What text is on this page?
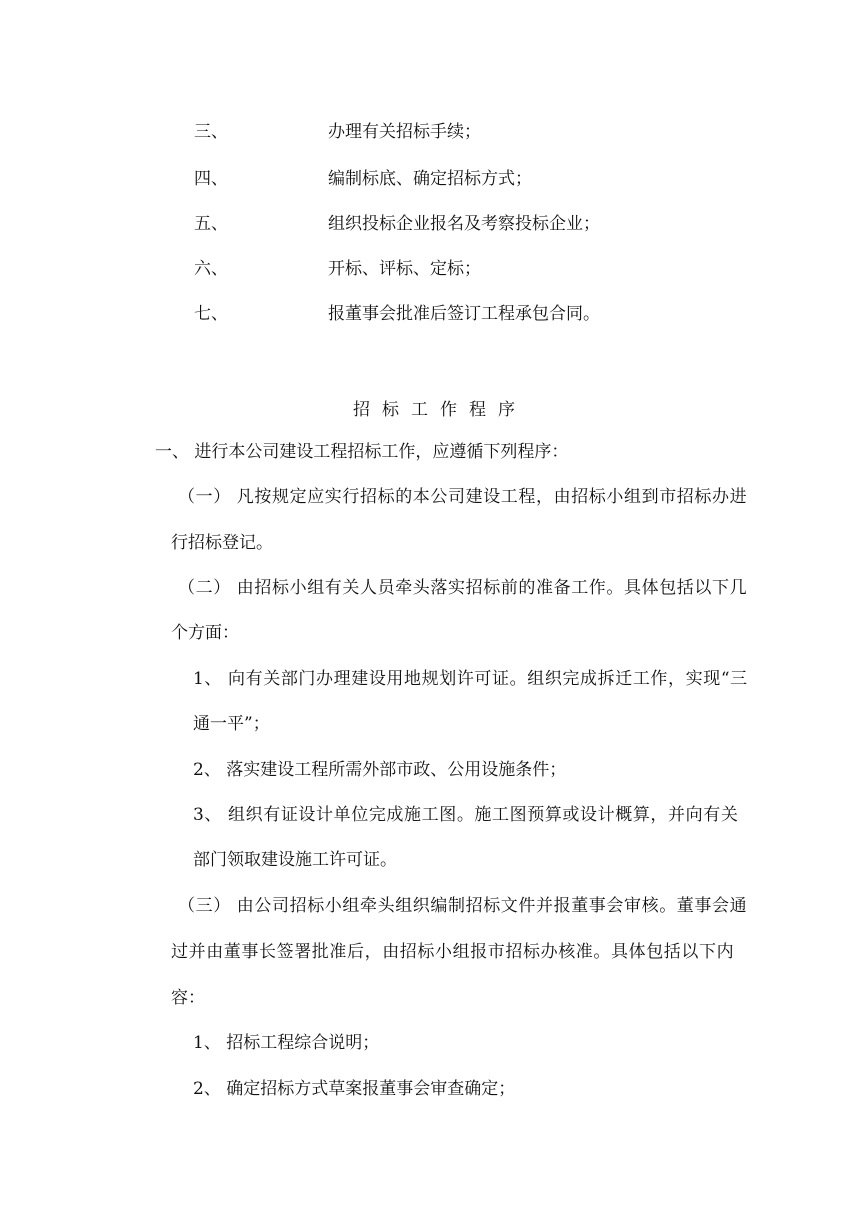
三、	办理有关招标手续；
四、	编制标底、确定招标方式；
五、	组织投标企业报名及考察投标企业；
六、	开标、评标、定标；
七、	报董事会批准后签订工程承包合同。
招标工作程序
一、 进行本公司建设工程招标工作，应遵循下列程序：
（一） 凡按规定应实行招标的本公司建设工程，由招标小组到市招标办进
行招标登记。
（二） 由招标小组有关人员牵头落实招标前的准备工作。具体包括以下几
个方面：
1、 向有关部门办理建设用地规划许可证。组织完成拆迁工作，实现“三
通一平”；
2、 落实建设工程所需外部市政、公用设施条件；
3、 组织有证设计单位完成施工图。施工图预算或设计概算，并向有关
部门领取建设施工许可证。
（三） 由公司招标小组牵头组织编制招标文件并报董事会审核。董事会通
过并由董事长签署批准后，由招标小组报市招标办核准。具体包括以下内
容：
1、 招标工程综合说明；
2、 确定招标方式草案报董事会审查确定；
